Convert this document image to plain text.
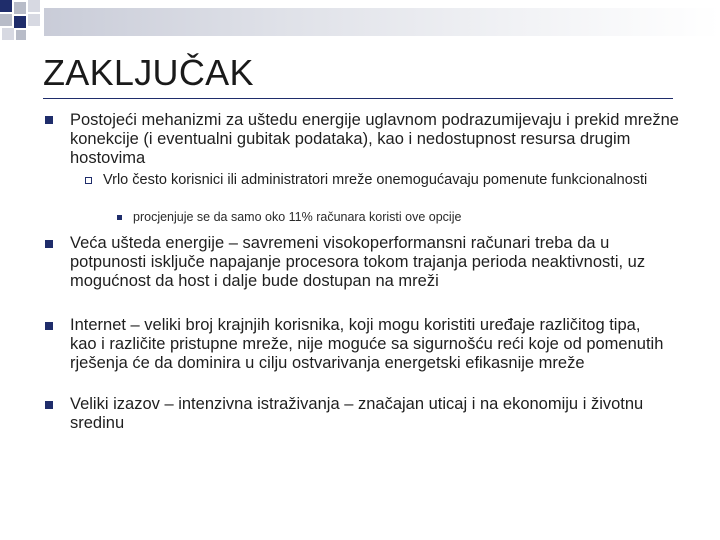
ZAKLJUČAK
Postojeći mehanizmi za uštedu energije uglavnom podrazumijevaju i prekid mrežne konekcije (i eventualni gubitak podataka), kao i nedostupnost resursa drugim hostovima
Vrlo često korisnici ili administratori mreže onemogućavaju pomenute funkcionalnosti
procjenjuje se da samo oko 11% računara koristi ove opcije
Veća ušteda energije – savremeni visokoperformansni računari treba da u potpunosti isključe napajanje procesora tokom trajanja perioda neaktivnosti, uz mogućnost da host i dalje bude dostupan na mreži
Internet – veliki broj krajnjih korisnika, koji mogu koristiti uređaje različitog tipa, kao i različite pristupne mreže, nije moguće sa sigurnošću reći koje od pomenutih rješenja će da dominira u cilju ostvarivanja energetski efikasnije mreže
Veliki izazov – intenzivna istraživanja – značajan uticaj i na ekonomiju i životnu sredinu
